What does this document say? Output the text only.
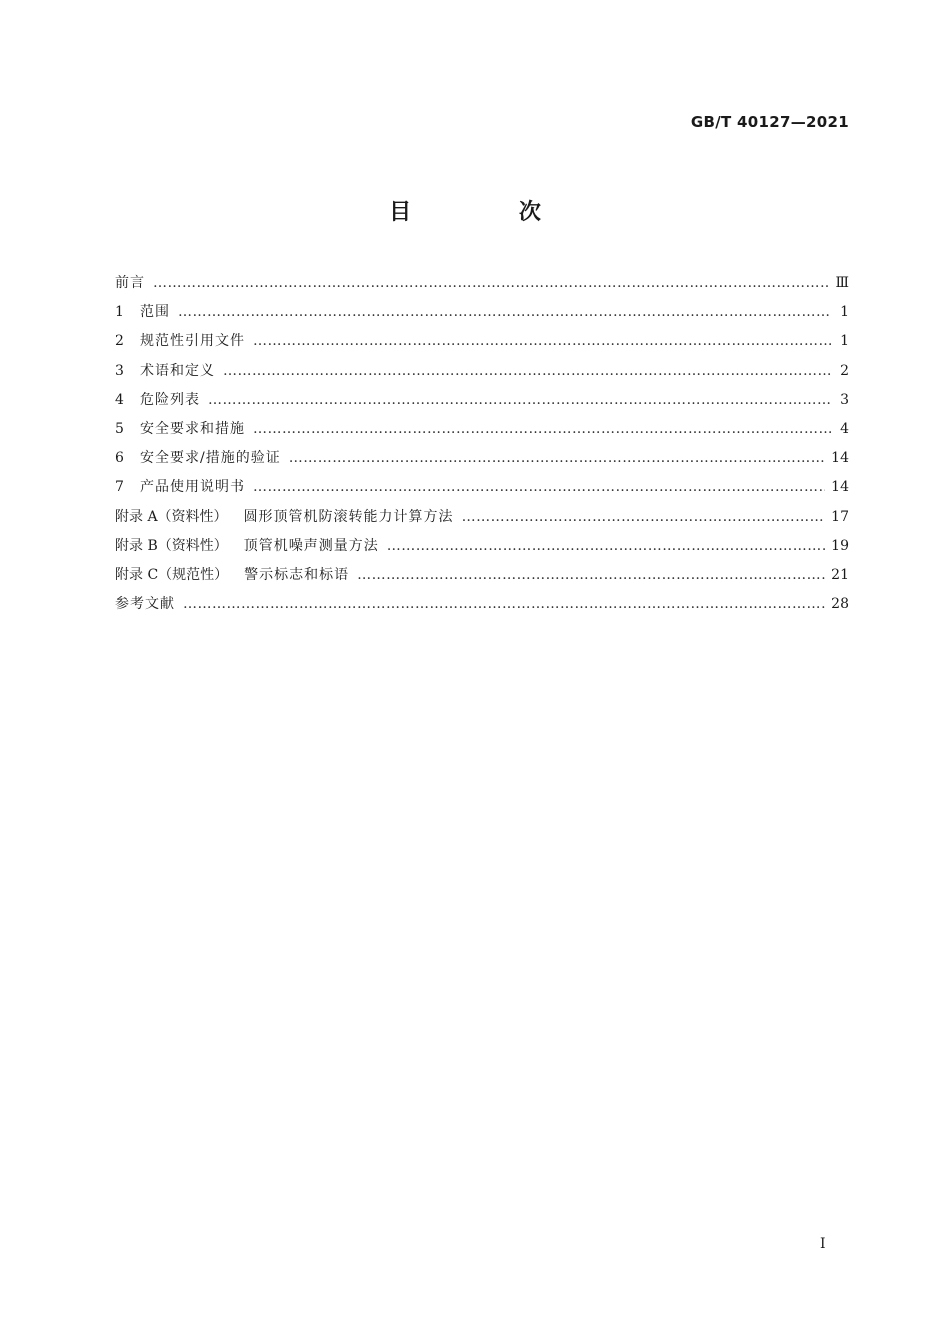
GB/T 40127—2021
目 次
前言 ……………………………………………………………………………………………………………………………………………………………………………………………………	Ⅲ
1	范围 ……………………………………………………………………………………………………………………………………………………………………………………………………	1
2	规范性引用文件 ……………………………………………………………………………………………………………………………………………………………………………………………………	1
3	术语和定义 ……………………………………………………………………………………………………………………………………………………………………………………………………	2
4	危险列表 ……………………………………………………………………………………………………………………………………………………………………………………………………	3
5	安全要求和措施 ……………………………………………………………………………………………………………………………………………………………………………………………………	4
6	安全要求/措施的验证 ……………………………………………………………………………………………………………………………………………………………………………………………………	14
7	产品使用说明书 ……………………………………………………………………………………………………………………………………………………………………………………………………	14
附录 A（资料性） 圆形顶管机防滚转能力计算方法 ……………………………………………………………………………………………………………………………………………………………………………………………………	17
附录 B（资料性） 顶管机噪声测量方法 ……………………………………………………………………………………………………………………………………………………………………………………………………	19
附录 C（规范性） 警示标志和标语 ……………………………………………………………………………………………………………………………………………………………………………………………………	21
参考文献 ……………………………………………………………………………………………………………………………………………………………………………………………………	28
Ⅰ
